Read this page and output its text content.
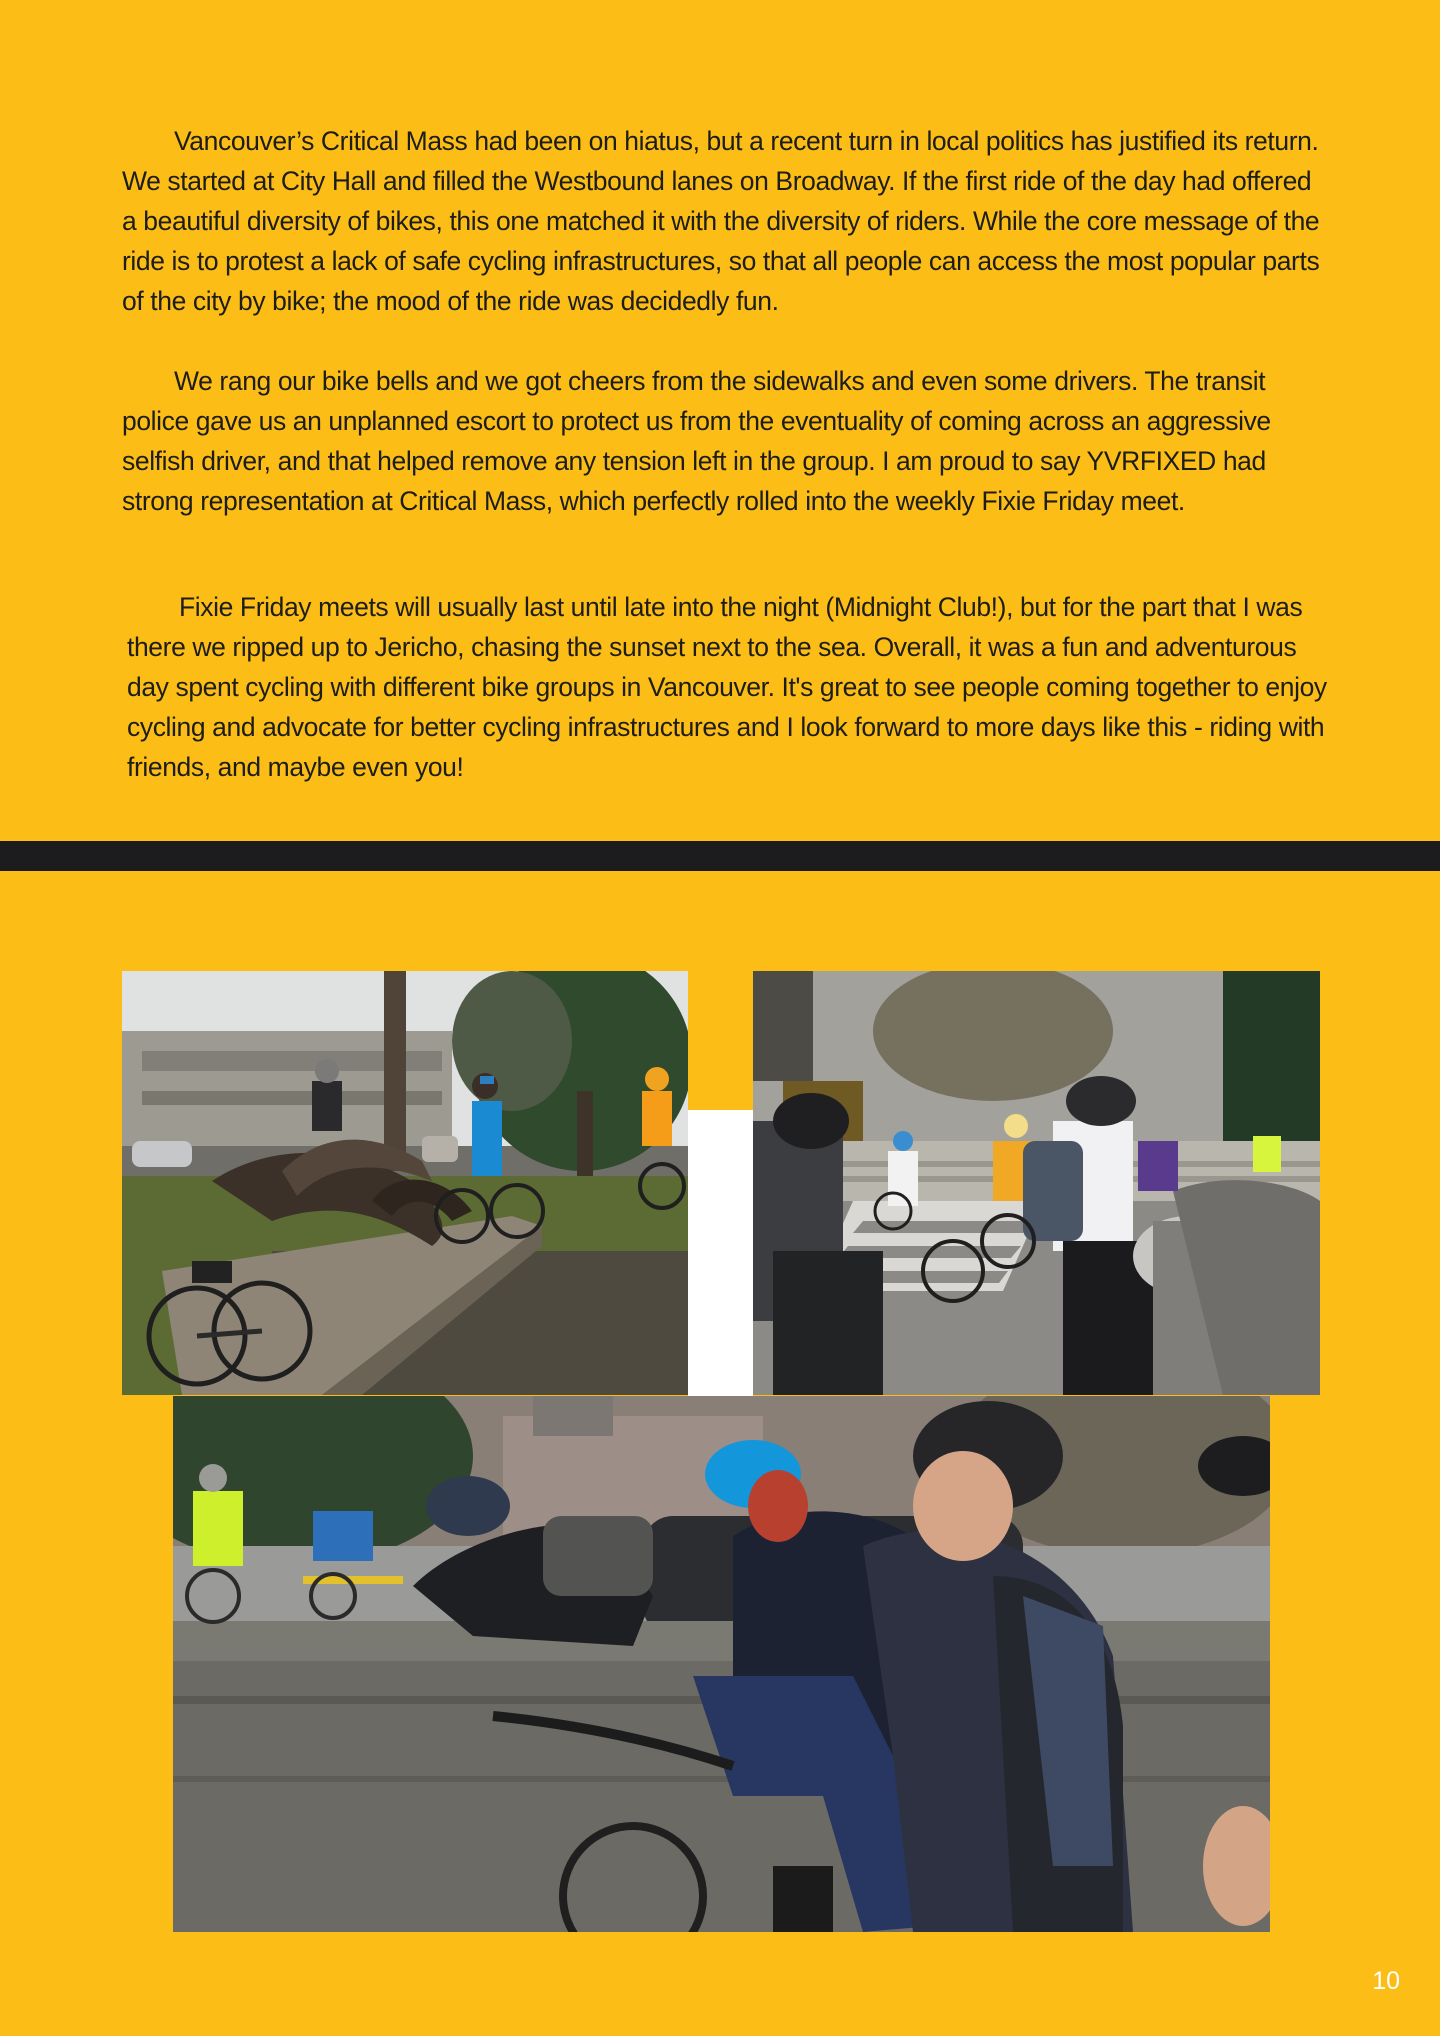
Vancouver’s Critical Mass had been on hiatus, but a recent turn in local politics has justified its return. We started at City Hall and filled the Westbound lanes on Broadway. If the first ride of the day had offered a beautiful diversity of bikes, this one matched it with the diversity of riders. While the core message of the ride is to protest a lack of safe cycling infrastructures, so that all people can access the most popular parts of the city by bike; the mood of the ride was decidedly fun.

We rang our bike bells and we got cheers from the sidewalks and even some drivers. The transit police gave us an unplanned escort to protect us from the eventuality of coming across an aggressive selfish driver, and that helped remove any tension left in the group. I am proud to say YVRFIXED had strong representation at Critical Mass, which perfectly rolled into the weekly Fixie Friday meet.

Fixie Friday meets will usually last until late into the night (Midnight Club!), but for the part that I was there we ripped up to Jericho, chasing the sunset next to the sea. Overall, it was a fun and adventurous day spent cycling with different bike groups in Vancouver. It's great to see people coming together to enjoy cycling and advocate for better cycling infrastructures and I look forward to more days like this - riding with friends, and maybe even you!

10
